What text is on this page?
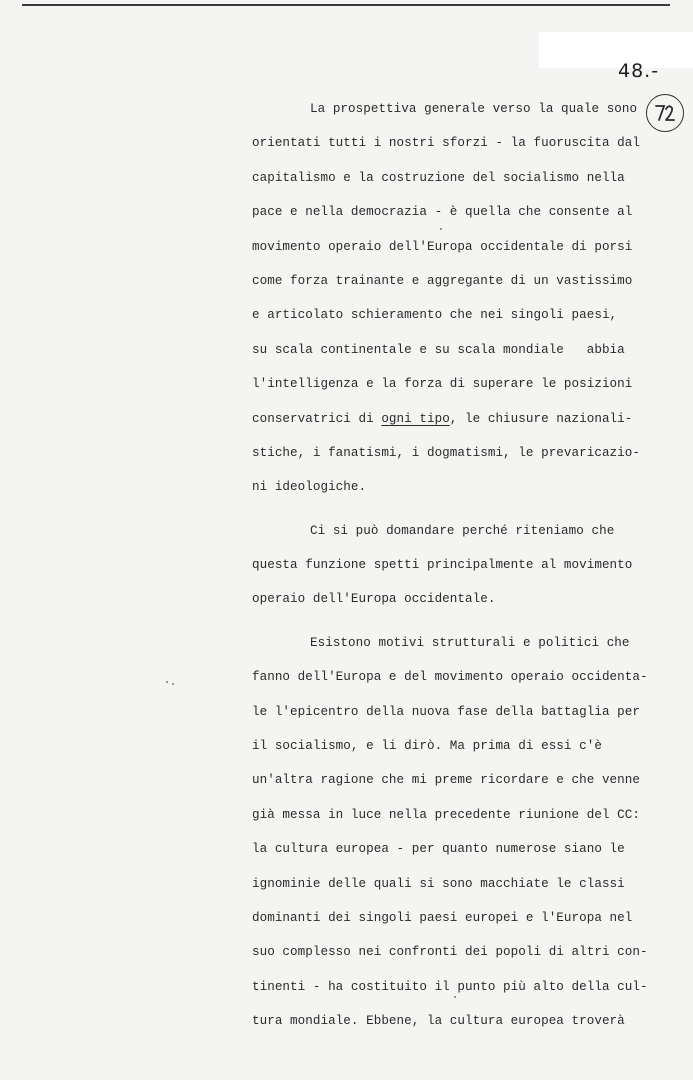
48.-
La prospettiva generale verso la quale sono
orientati tutti i nostri sforzi - la fuoruscita dal
capitalismo e la costruzione del socialismo nella
pace e nella democrazia - è quella che consente al
movimento operaio dell'Europa occidentale di porsi
come forza trainante e aggregante di un vastissimo
e articolato schieramento che nei singoli paesi,
su scala continentale e su scala mondiale   abbia
l'intelligenza e la forza di superare le posizioni
conservatrici di ogni tipo, le chiusure nazionali-
stiche, i fanatismi, i dogmatismi, le prevaricazio-
ni ideologiche.
Ci si può domandare perché riteniamo che
questa funzione spetti principalmente al movimento
operaio dell'Europa occidentale.
Esistono motivi strutturali e politici che
fanno dell'Europa e del movimento operaio occidenta-
le l'epicentro della nuova fase della battaglia per
il socialismo, e li dirò. Ma prima di essi c'è
un'altra ragione che mi preme ricordare e che venne
già messa in luce nella precedente riunione del CC:
la cultura europea - per quanto numerose siano le
ignominie delle quali si sono macchiate le classi
dominanti dei singoli paesi europei e l'Europa nel
suo complesso nei confronti dei popoli di altri con-
tinenti - ha costituito il punto più alto della cul-
tura mondiale. Ebbene, la cultura europea troverà
